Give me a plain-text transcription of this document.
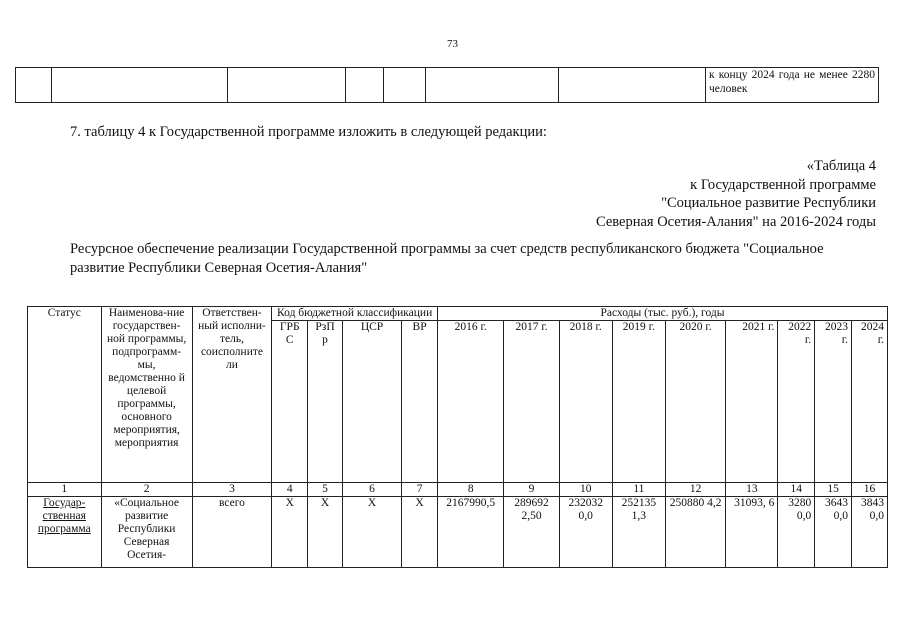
73
							к концу 2024 года не менее 2280 человек
7. таблицу 4 к Государственной программе изложить в следующей редакции:
«Таблица 4
к Государственной программе
"Социальное развитие Республики
Северная Осетия-Алания" на 2016-2024 годы
Ресурсное обеспечение реализации Государственной программы за счет средств республиканского бюджета "Социальное развитие Республики Северная Осетия-Алания"
Статус	Наименова-ние государствен-ной программы, подпрограмм-мы, ведомственно й целевой программы, основного мероприятия, мероприятия	Ответствен-ный исполни-тель, соисполните ли	Код бюджетной классификации				Расходы (тыс. руб.), годы								
			ГРБ С	РзП р	ЦСР	ВР	2016 г.	2017 г.	2018 г.	2019 г.	2020 г.	2021 г.	2022 г.	2023 г.	2024 г.
1	2	3	4	5	6	7	8	9	10	11	12	13	14	15	16
Государ-ственная программа	«Социальное развитие Республики Северная Осетия-	всего	Х	Х	Х	Х	2167990,5	289692 2,50	232032 0,0	252135 1,3	250880 4,2	31093, 6	3280 0,0	3643 0,0	3843 0,0
